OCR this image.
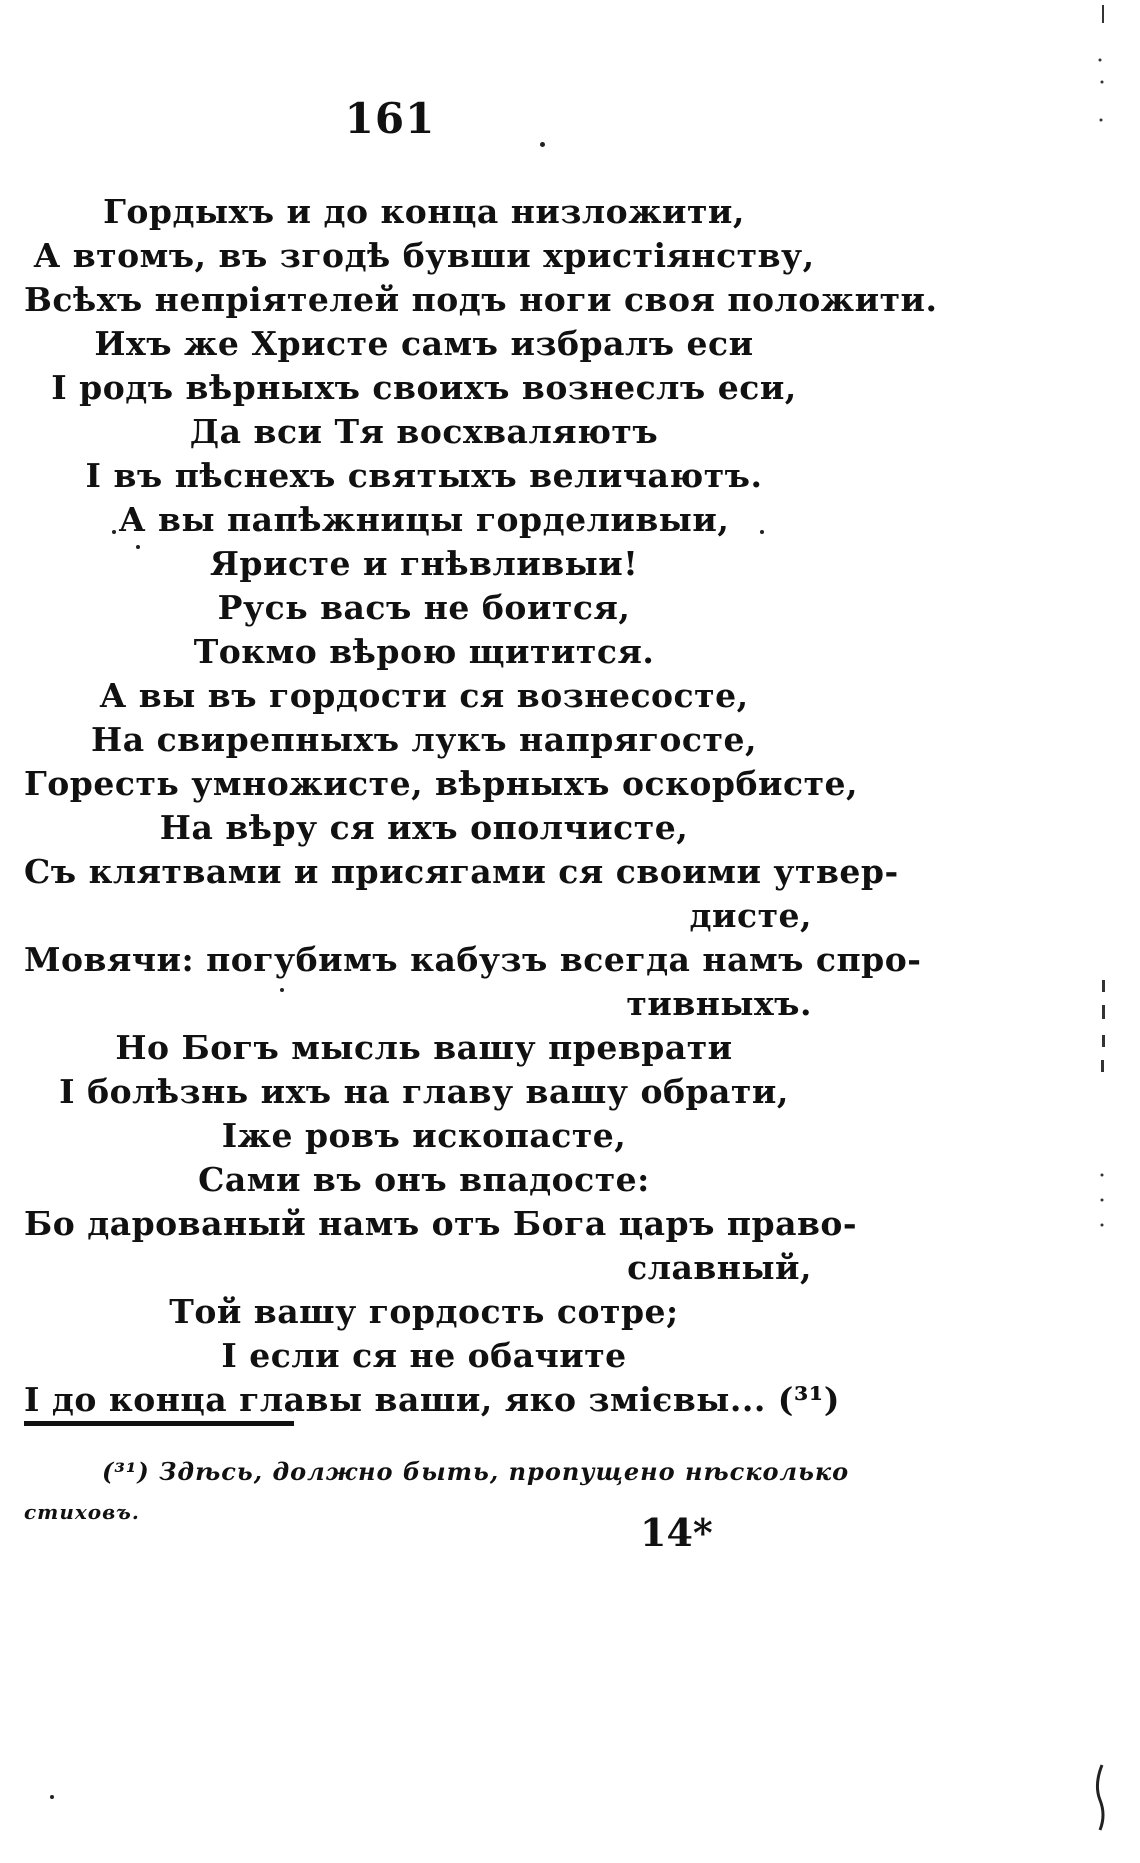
161
Гордыхъ и до конца низложити,
А втомъ, въ згодѣ бувши христіянству,
Всѣхъ непріятелей подъ ноги своя положити.
Ихъ же Христе самъ избралъ еси
І родъ вѣрныхъ своихъ вознеслъ еси,
Да вси Тя восхваляютъ
І въ пѣснехъ святыхъ величаютъ.
А вы папѣжницы горделивыи,
Яристе и гнѣвливыи!
Русь васъ не боится,
Токмо вѣрою щитится.
А вы въ гордости ся вознесосте,
На свирепныхъ лукъ напрягосте,
Горесть умножисте, вѣрныхъ оскорбисте,
На вѣру ся ихъ ополчисте,
Съ клятвами и присягами ся своими утвер-
дисте,
Мовячи: погубимъ кабузъ всегда намъ спро-
тивныхъ.
Но Богъ мысль вашу преврати
І болѣзнь ихъ на главу вашу обрати,
Іже ровъ ископасте,
Сами въ онъ впадосте:
Бо дарованый намъ отъ Бога царъ право-
славный,
Той вашу гордость сотре;
І если ся не обачите
І до конца главы ваши, яко змієвы... (³¹)
(³¹) Здѣсь, должно быть, пропущено нѣсколько
стиховъ.	14*
